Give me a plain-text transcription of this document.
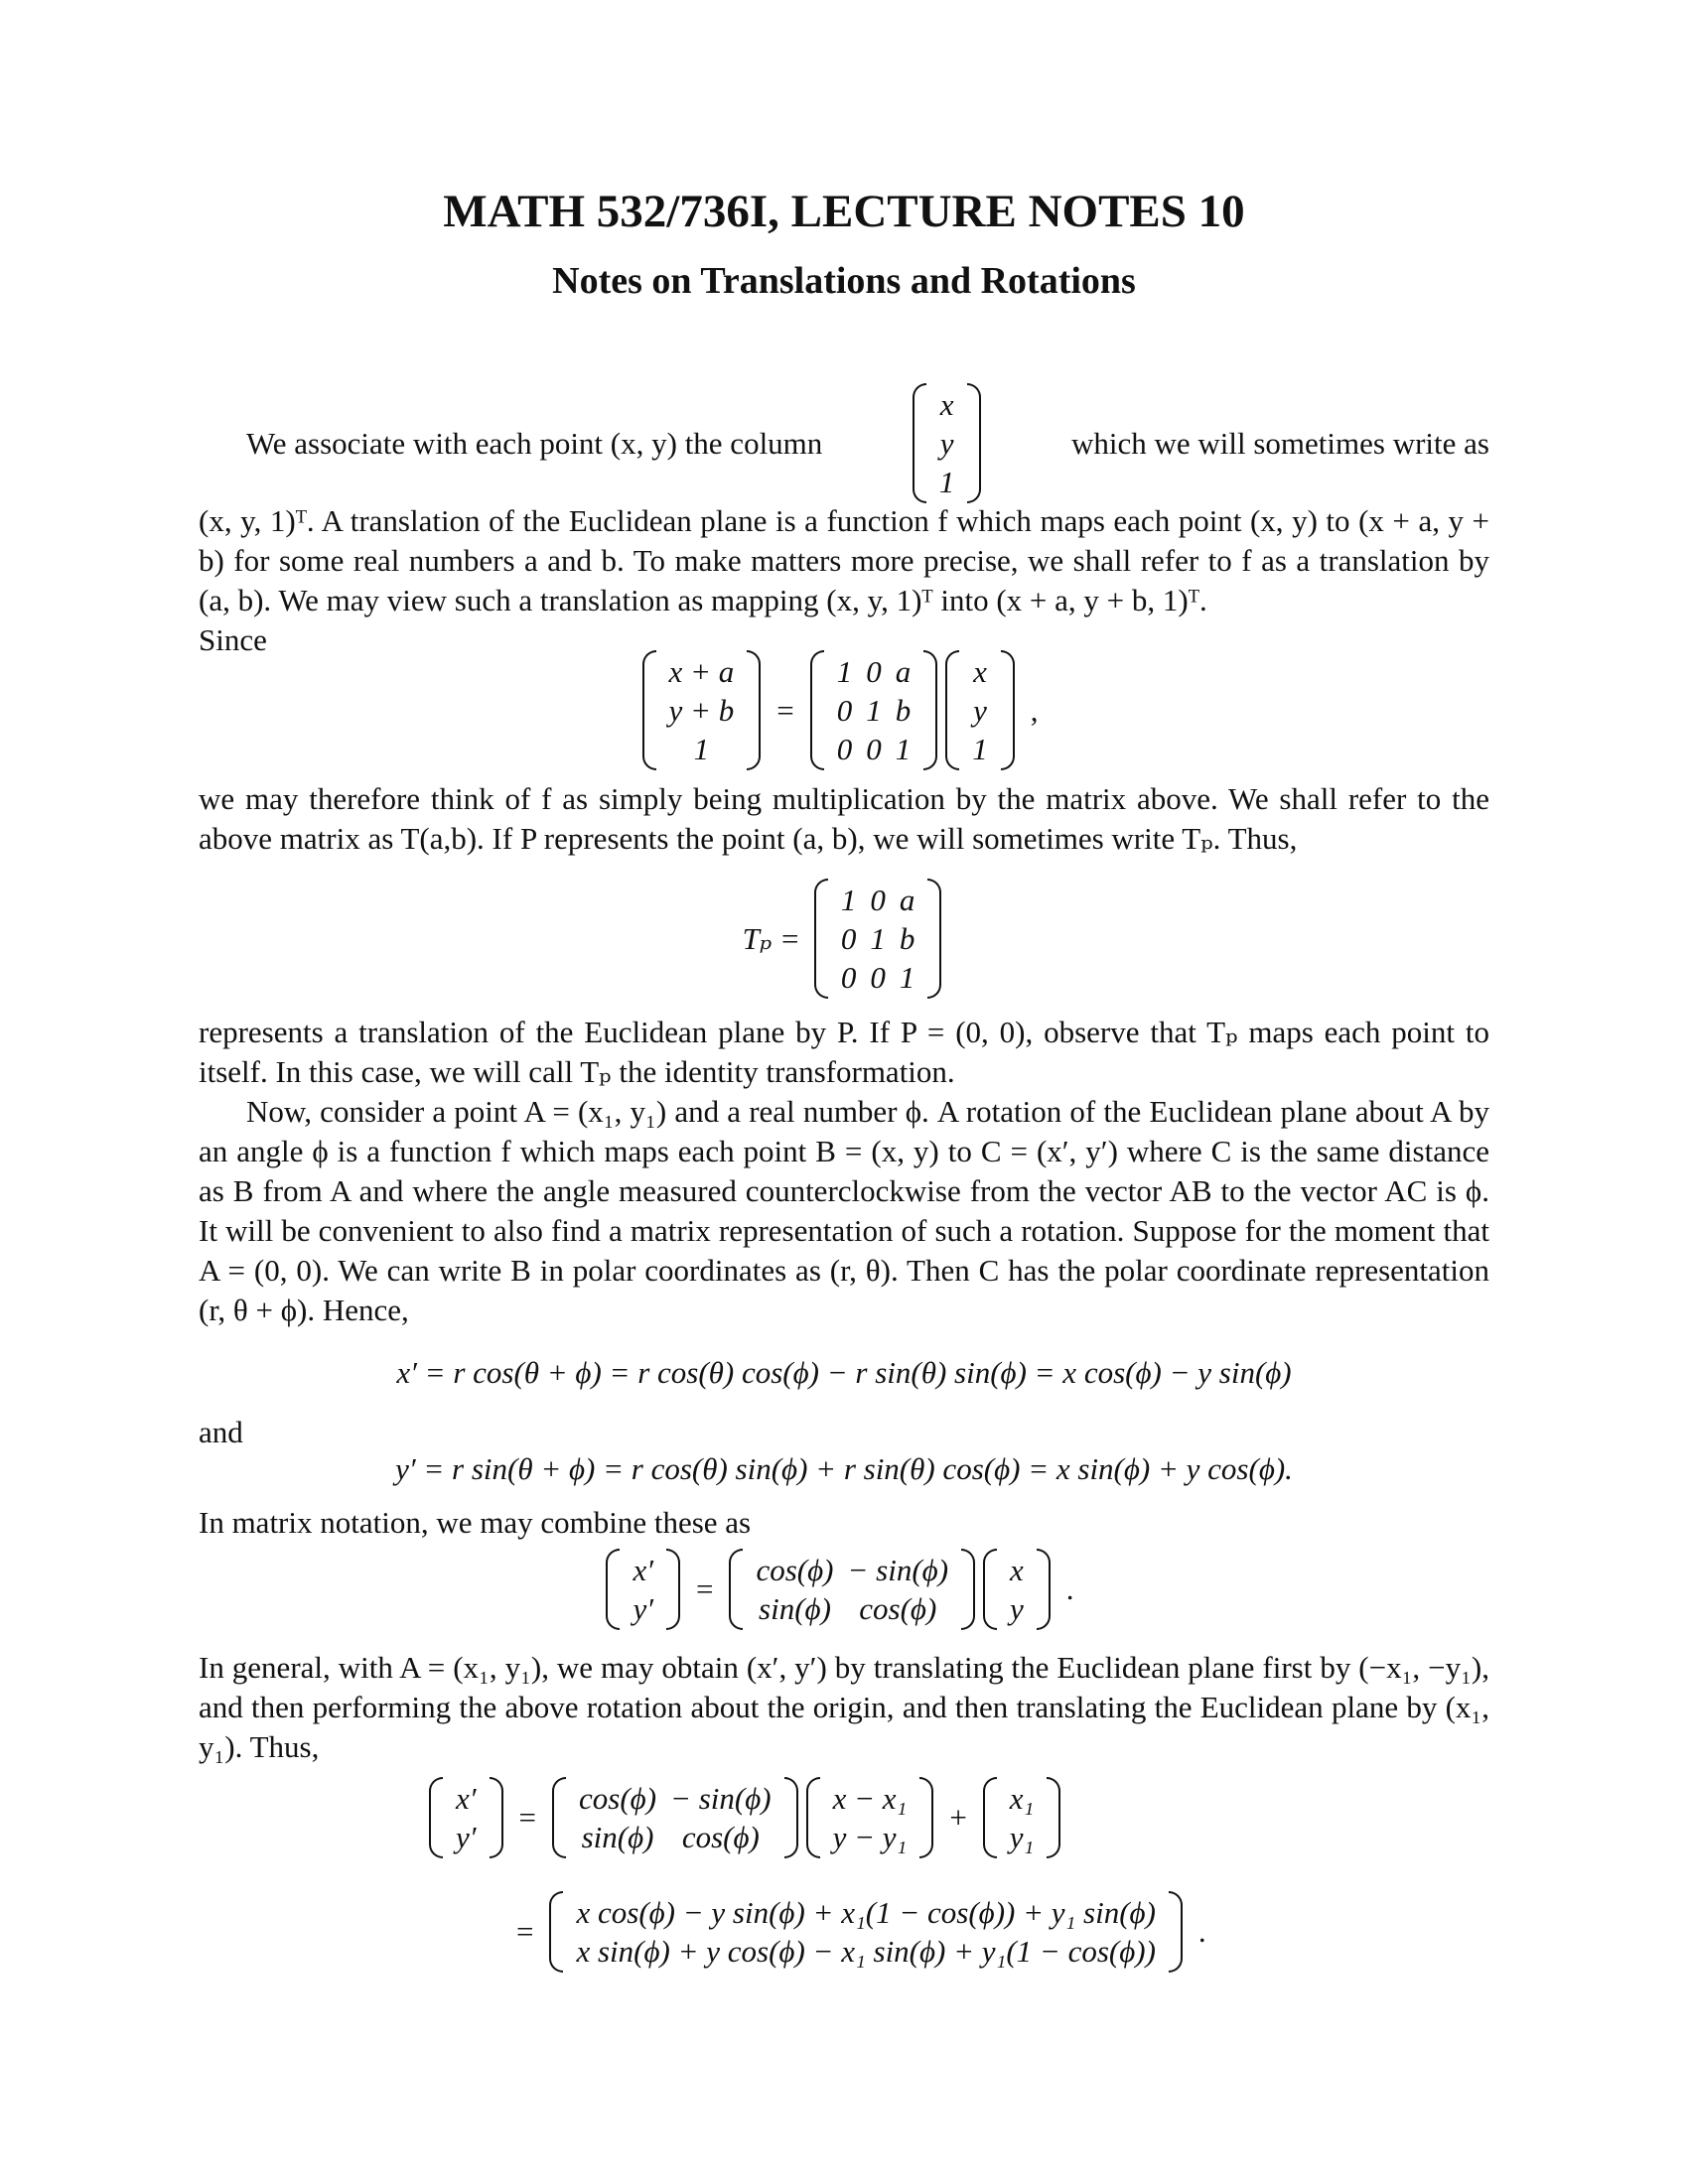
MATH 532/736I, LECTURE NOTES 10
Notes on Translations and Rotations
We associate with each point (x, y) the column
x
y
1
which we will sometimes write as
(x, y, 1)ᵀ. A translation of the Euclidean plane is a function f which maps each point (x, y) to (x + a, y + b) for some real numbers a and b. To make matters more precise, we shall refer to f as a translation by (a, b). We may view such a translation as mapping (x, y, 1)ᵀ into (x + a, y + b, 1)ᵀ.
Since
x + a
y + b
1
=
1 0 a
0 1 b
0 0 1
x
y
1
,
we may therefore think of f as simply being multiplication by the matrix above. We shall refer to the above matrix as T(a,b). If P represents the point (a, b), we will sometimes write Tₚ. Thus,
Tₚ =
1 0 a
0 1 b
0 0 1
represents a translation of the Euclidean plane by P. If P = (0, 0), observe that Tₚ maps each point to itself. In this case, we will call Tₚ the identity transformation.
Now, consider a point A = (x₁, y₁) and a real number ϕ. A rotation of the Euclidean plane about A by an angle ϕ is a function f which maps each point B = (x, y) to C = (x′, y′) where C is the same distance as B from A and where the angle measured counterclockwise from the vector AB to the vector AC is ϕ. It will be convenient to also find a matrix representation of such a rotation. Suppose for the moment that A = (0, 0). We can write B in polar coordinates as (r, θ). Then C has the polar coordinate representation (r, θ + ϕ). Hence,
x′ = r cos(θ + ϕ) = r cos(θ) cos(ϕ) − r sin(θ) sin(ϕ) = x cos(ϕ) − y sin(ϕ)
and
y′ = r sin(θ + ϕ) = r cos(θ) sin(ϕ) + r sin(θ) cos(ϕ) = x sin(ϕ) + y cos(ϕ).
In matrix notation, we may combine these as
x′
y′
=
cos(ϕ) − sin(ϕ)
sin(ϕ) cos(ϕ)
x
y
.
In general, with A = (x₁, y₁), we may obtain (x′, y′) by translating the Euclidean plane first by (−x₁, −y₁), and then performing the above rotation about the origin, and then translating the Euclidean plane by (x₁, y₁). Thus,
x′
y′
=
cos(ϕ) − sin(ϕ)
sin(ϕ) cos(ϕ)
x − x₁
y − y₁
+
x₁
y₁
=
x cos(ϕ) − y sin(ϕ) + x₁(1 − cos(ϕ)) + y₁ sin(ϕ)
x sin(ϕ) + y cos(ϕ) − x₁ sin(ϕ) + y₁(1 − cos(ϕ))
.
